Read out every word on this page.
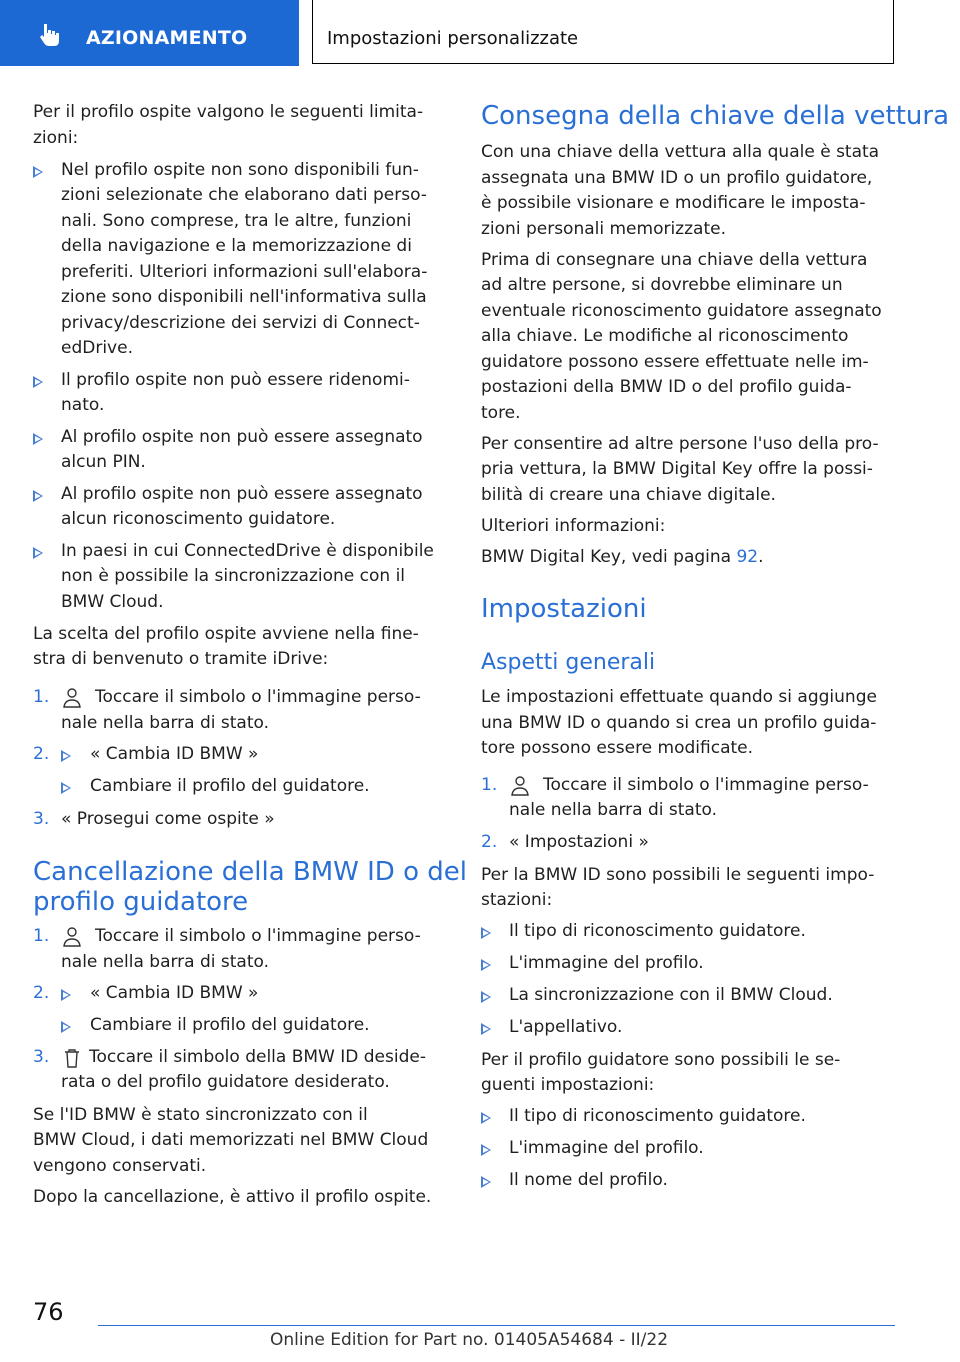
AZIONAMENTO	Impostazioni personalizzate
Per il profilo ospite valgono le seguenti limita-
zioni:
Nel profilo ospite non sono disponibili fun-
zioni selezionate che elaborano dati perso-
nali. Sono comprese, tra le altre, funzioni
della navigazione e la memorizzazione di
preferiti. Ulteriori informazioni sull'elabora-
zione sono disponibili nell'informativa sulla
privacy/descrizione dei servizi di Connect-
edDrive.
Il profilo ospite non può essere ridenomi-
nato.
Al profilo ospite non può essere assegnato
alcun PIN.
Al profilo ospite non può essere assegnato
alcun riconoscimento guidatore.
In paesi in cui ConnectedDrive è disponibile
non è possibile la sincronizzazione con il
BMW Cloud.
La scelta del profilo ospite avviene nella fine-
stra di benvenuto o tramite iDrive:
1.	Toccare il simbolo o l'immagine perso-
nale nella barra di stato.
2. « Cambia ID BMW »
Cambiare il profilo del guidatore.
3. « Prosegui come ospite »
Cancellazione della BMW ID o del
profilo guidatore
1.	Toccare il simbolo o l'immagine perso-
nale nella barra di stato.
2. « Cambia ID BMW »
Cambiare il profilo del guidatore.
3. Toccare il simbolo della BMW ID deside-
rata o del profilo guidatore desiderato.
Se l'ID BMW è stato sincronizzato con il
BMW Cloud, i dati memorizzati nel BMW Cloud
vengono conservati.
Dopo la cancellazione, è attivo il profilo ospite.
Consegna della chiave della vettura
Con una chiave della vettura alla quale è stata
assegnata una BMW ID o un profilo guidatore,
è possibile visionare e modificare le imposta-
zioni personali memorizzate.
Prima di consegnare una chiave della vettura
ad altre persone, si dovrebbe eliminare un
eventuale riconoscimento guidatore assegnato
alla chiave. Le modifiche al riconoscimento
guidatore possono essere effettuate nelle im-
postazioni della BMW ID o del profilo guida-
tore.
Per consentire ad altre persone l'uso della pro-
pria vettura, la BMW Digital Key offre la possi-
bilità di creare una chiave digitale.
Ulteriori informazioni:
BMW Digital Key, vedi pagina 92.
Impostazioni
Aspetti generali
Le impostazioni effettuate quando si aggiunge
una BMW ID o quando si crea un profilo guida-
tore possono essere modificate.
1.	Toccare il simbolo o l'immagine perso-
nale nella barra di stato.
2. « Impostazioni »
Per la BMW ID sono possibili le seguenti impo-
stazioni:
Il tipo di riconoscimento guidatore.
L'immagine del profilo.
La sincronizzazione con il BMW Cloud.
L'appellativo.
Per il profilo guidatore sono possibili le se-
guenti impostazioni:
Il tipo di riconoscimento guidatore.
L'immagine del profilo.
Il nome del profilo.
76
Online Edition for Part no. 01405A54684 - II/22
